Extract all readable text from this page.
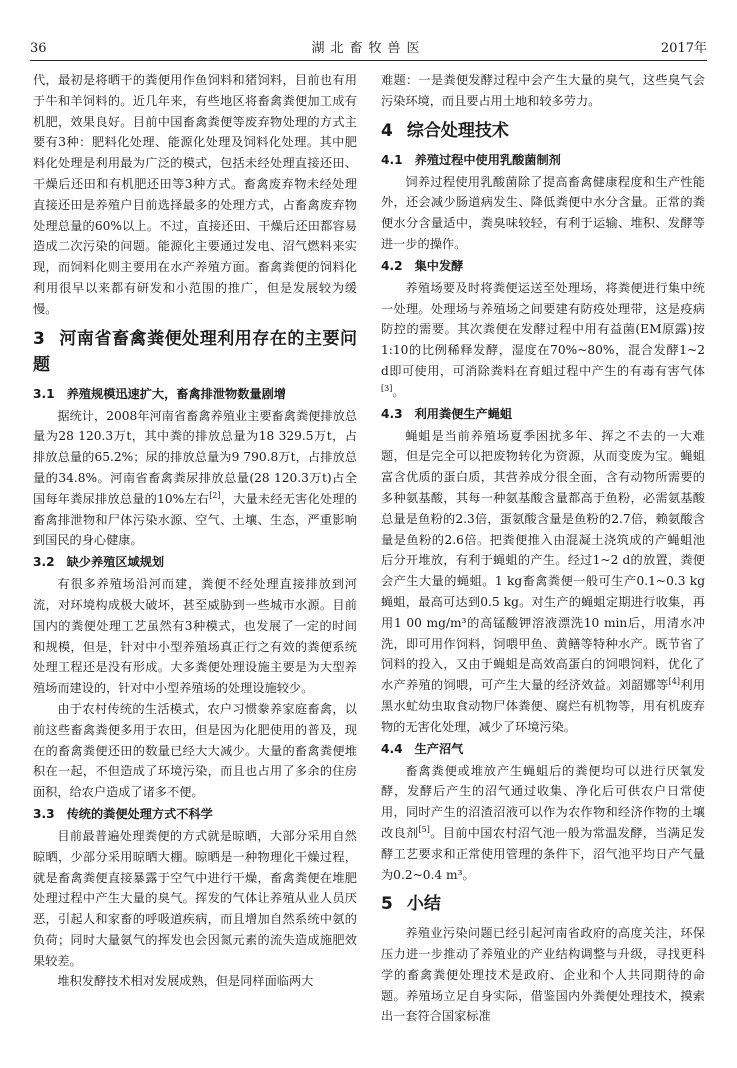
36	湖北畜牧兽医	2017年

代，最初是将晒干的粪便用作鱼饲料和猪饲料，目前也有用于牛和羊饲料的。近几年来，有些地区将畜禽粪便加工成有机肥，效果良好。目前中国畜禽粪便等废弃物处理的方式主要有3种：肥料化处理、能源化处理及饲料化处理。其中肥料化处理是利用最为广泛的模式，包括未经处理直接还田、干燥后还田和有机肥还田等3种方式。畜禽废弃物未经处理直接还田是养殖户目前选择最多的处理方式，占畜禽废弃物处理总量的60%以上。不过，直接还田、干燥后还田都容易造成二次污染的问题。能源化主要通过发电、沼气燃料来实现，而饲料化则主要用在水产养殖方面。畜禽粪便的饲料化利用很早以来都有研发和小范围的推广，但是发展较为缓慢。

3 河南省畜禽粪便处理利用存在的主要问题
3.1 养殖规模迅速扩大，畜禽排泄物数量剧增

据统计，2008年河南省畜禽养殖业主要畜禽粪便排放总量为28 120.3万t，其中粪的排放总量为18 329.5万t，占排放总量的65.2%；尿的排放总量为9 790.8万t，占排放总量的34.8%。河南省畜禽粪尿排放总量(28 120.3万t)占全国每年粪尿排放总量的10%左右[2]，大量未经无害化处理的畜禽排泄物和尸体污染水源、空气、土壤、生态，严重影响到国民的身心健康。

3.2 缺少养殖区域规划

有很多养殖场沿河而建，粪便不经处理直接排放到河流，对环境构成极大破坏，甚至威胁到一些城市水源。目前国内的粪便处理工艺虽然有3种模式，也发展了一定的时间和规模，但是，针对中小型养殖场真正行之有效的粪便系统处理工程还是没有形成。大多粪便处理设施主要是为大型养殖场而建设的，针对中小型养殖场的处理设施较少。

由于农村传统的生活模式，农户习惯豢养家庭畜禽，以前这些畜禽粪便多用于农田，但是因为化肥使用的普及，现在的畜禽粪便还田的数量已经大大减少。大量的畜禽粪便堆积在一起，不但造成了环境污染，而且也占用了多余的住房面积，给农户造成了诸多不便。

3.3 传统的粪便处理方式不科学

目前最普遍处理粪便的方式就是晾晒，大部分采用自然晾晒，少部分采用晾晒大棚。晾晒是一种物理化干燥过程，就是畜禽粪便直接暴露于空气中进行干燥，畜禽粪便在堆肥处理过程中产生大量的臭气。挥发的气体让养殖从业人员厌恶，引起人和家畜的呼吸道疾病，而且增加自然系统中氨的负荷；同时大量氨气的挥发也会因氮元素的流失造成施肥效果较差。

堆积发酵技术相对发展成熟，但是同样面临两大

难题：一是粪便发酵过程中会产生大量的臭气，这些臭气会污染环境，而且要占用土地和较多劳力。

4 综合处理技术
4.1 养殖过程中使用乳酸菌制剂

饲养过程使用乳酸菌除了提高畜禽健康程度和生产性能外，还会减少肠道病发生、降低粪便中水分含量。正常的粪便水分含量适中，粪臭味较轻，有利于运输、堆积、发酵等进一步的操作。

4.2 集中发酵

养殖场要及时将粪便运送至处理场，将粪便进行集中统一处理。处理场与养殖场之间要建有防疫处理带，这是疫病防控的需要。其次粪便在发酵过程中用有益菌(EM原露)按1:10的比例稀释发酵，湿度在70%~80%，混合发酵1~2 d即可使用，可消除粪料在育蛆过程中产生的有毒有害气体[3]。

4.3 利用粪便生产蝇蛆

蝇蛆是当前养殖场夏季困扰多年、挥之不去的一大难题，但是完全可以把废物转化为资源，从而变废为宝。蝇蛆富含优质的蛋白质，其营养成分很全面，含有动物所需要的多种氨基酸，其每一种氨基酸含量都高于鱼粉，必需氨基酸总量是鱼粉的2.3倍，蛋氨酸含量是鱼粉的2.7倍，赖氨酸含量是鱼粉的2.6倍。把粪便推入由混凝土浇筑成的产蝇蛆池后分开堆放，有利于蝇蛆的产生。经过1~2 d的放置，粪便会产生大量的蝇蛆。1 kg畜禽粪便一般可生产0.1~0.3 kg蝇蛆，最高可达到0.5 kg。对生产的蝇蛆定期进行收集，再用1 00 mg/m³的高锰酸钾溶液漂洗10 min后，用清水冲洗，即可用作饲料，饲喂甲鱼、黄鳝等特种水产。既节省了饲料的投入，又由于蝇蛆是高效高蛋白的饲喂饲料，优化了水产养殖的饲喂，可产生大量的经济效益。刘韶娜等[4]利用黑水虻幼虫取食动物尸体粪便、腐烂有机物等，用有机废弃物的无害化处理，减少了环境污染。

4.4 生产沼气

畜禽粪便或堆放产生蝇蛆后的粪便均可以进行厌氧发酵，发酵后产生的沼气通过收集、净化后可供农户日常使用，同时产生的沼渣沼液可以作为农作物和经济作物的土壤改良剂[5]。目前中国农村沼气池一般为常温发酵，当满足发酵工艺要求和正常使用管理的条件下，沼气池平均日产气量为0.2~0.4 m³。

5 小结

养殖业污染问题已经引起河南省政府的高度关注，环保压力进一步推动了养殖业的产业结构调整与升级，寻找更科学的畜禽粪便处理技术是政府、企业和个人共同期待的命题。养殖场立足自身实际，借鉴国内外粪便处理技术，摸索出一套符合国家标准
